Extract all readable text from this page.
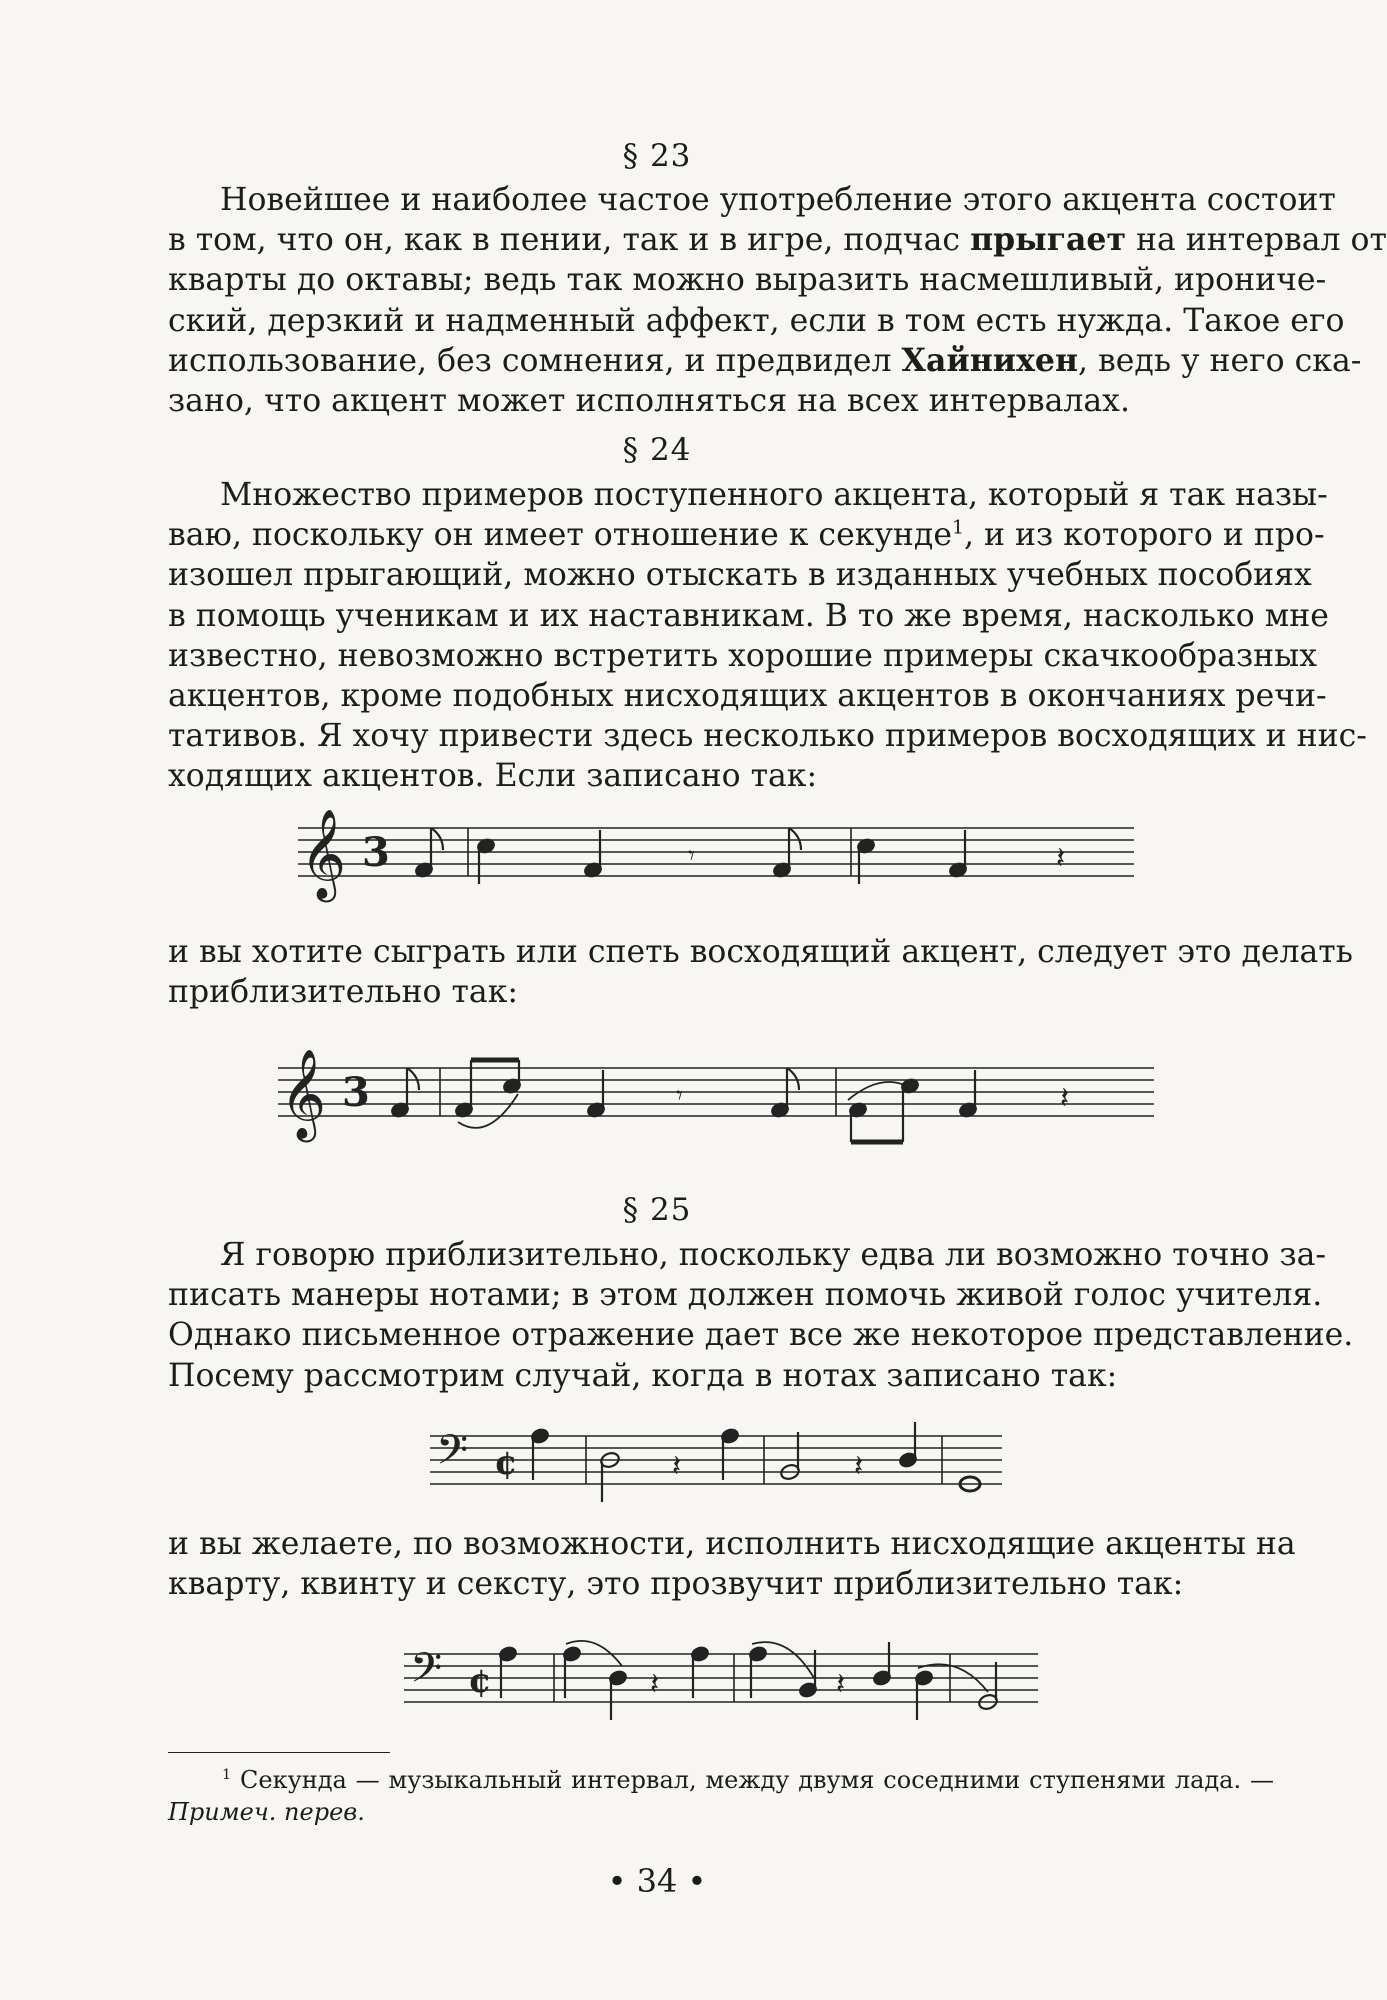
§ 23
Новейшее и наиболее частое употребление этого акцента состоит
в том, что он, как в пении, так и в игре, подчас прыгает на интервал от
кварты до октавы; ведь так можно выразить насмешливый, ирониче-
ский, дерзкий и надменный аффект, если в том есть нужда. Такое его
использование, без сомнения, и предвидел Хайнихен, ведь у него ска-
зано, что акцент может исполняться на всех интервалах.
§ 24
Множество примеров поступенного акцента, который я так назы-
ваю, поскольку он имеет отношение к секунде$^1$, и из которого и про-
изошел прыгающий, можно отыскать в изданных учебных пособиях
в помощь ученикам и их наставникам. В то же время, насколько мне
известно, невозможно встретить хорошие примеры скачкообразных
акцентов, кроме подобных нисходящих акцентов в окончаниях речи-
тативов. Я хочу привести здесь несколько примеров восходящих и нис-
ходящих акцентов. Если записано так:
𝄞 3	𝄾	𝄽
и вы хотите сыграть или спеть восходящий акцент, следует это делать
приблизительно так:
𝄞 3	𝄾	𝄽
§ 25
Я говорю приблизительно, поскольку едва ли возможно точно за-
писать манеры нотами; в этом должен помочь живой голос учителя.
Однако письменное отражение дает все же некоторое представление.
Посему рассмотрим случай, когда в нотах записано так:
𝄢 ¢	𝄽	𝄽
и вы желаете, по возможности, исполнить нисходящие акценты на
кварту, квинту и сексту, это прозвучит приблизительно так:
𝄢 ¢	𝄽	𝄽
$^1$ Секунда — музыкальный интервал, между двумя соседними ступенями лада. —
Примеч. перев.
• 34 •
